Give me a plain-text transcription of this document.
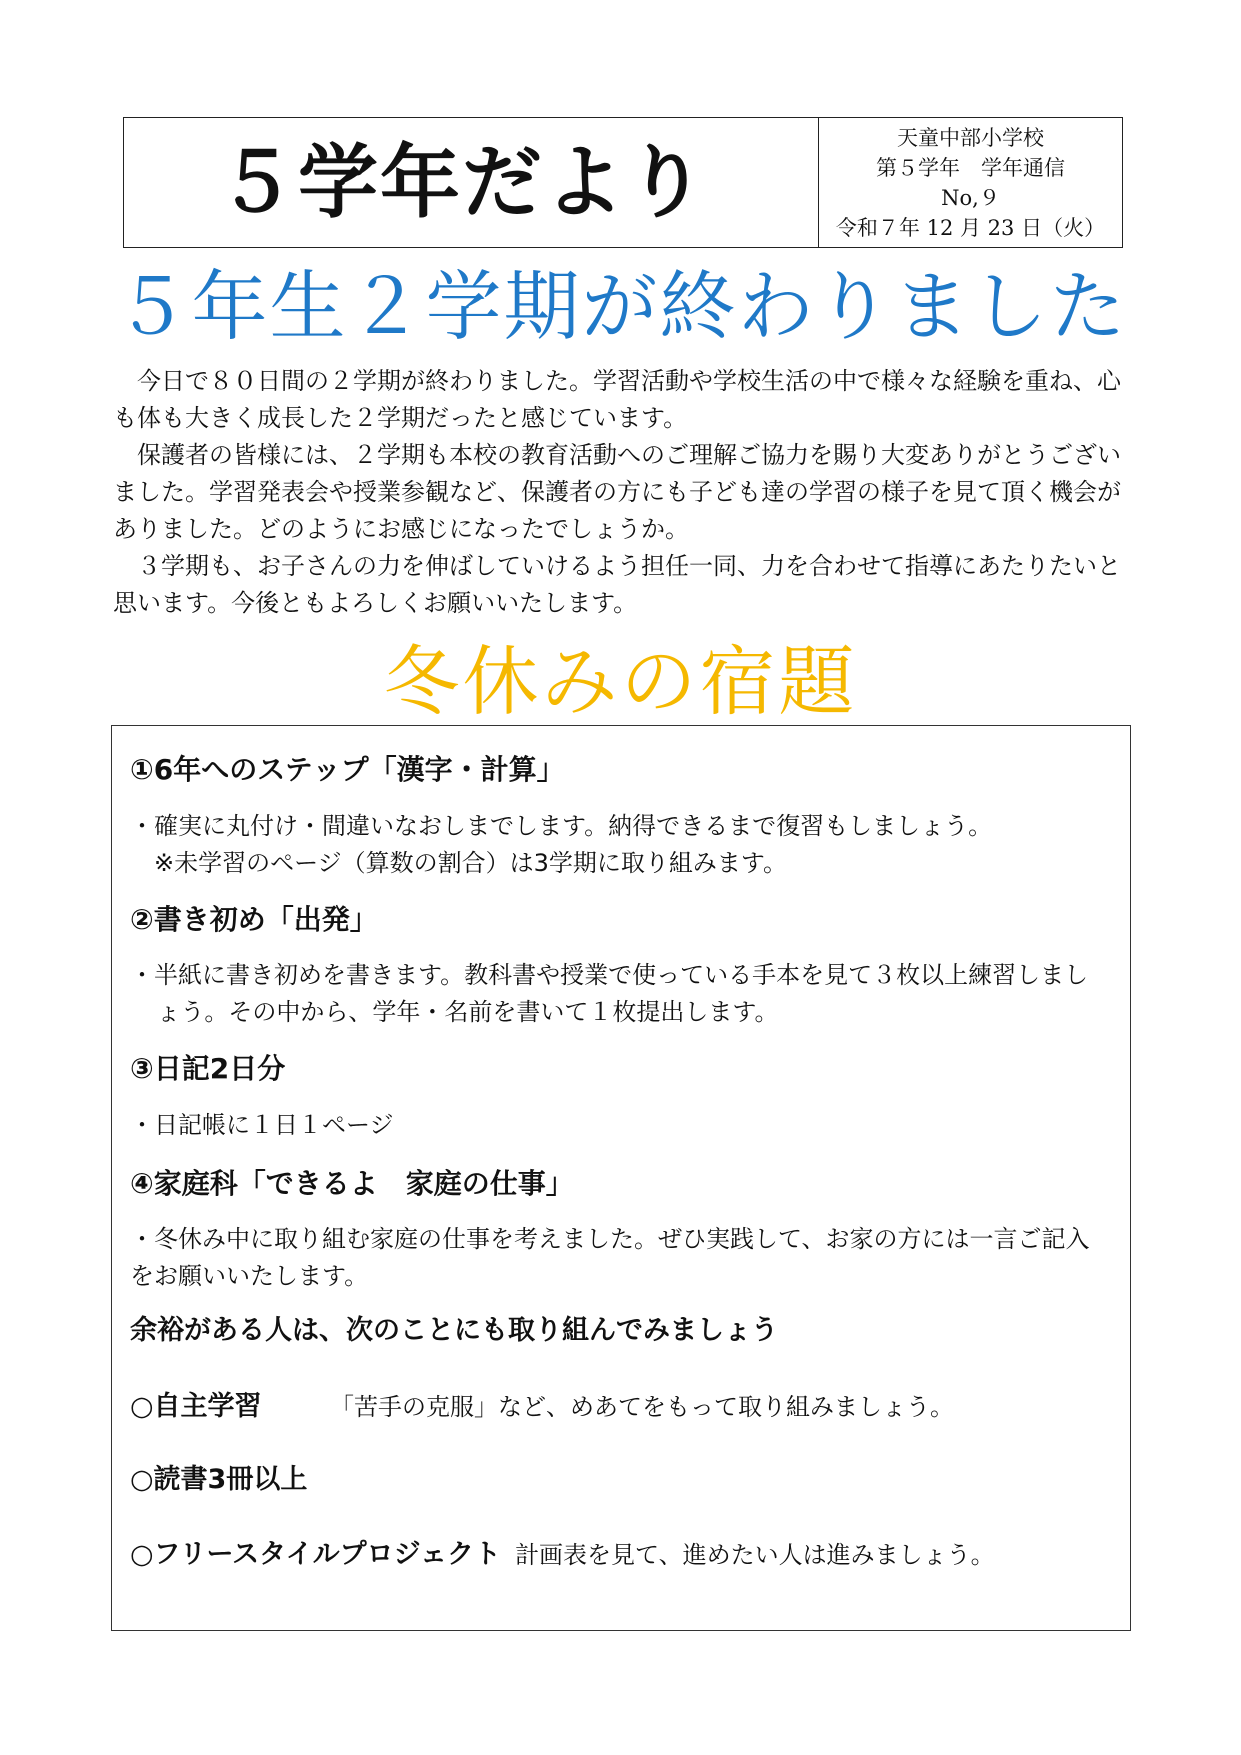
５学年だより	天童中部小学校
第５学年　学年通信
No,９
令和７年 12 月 23 日（火）
５年生２学期が終わりました

今日で８０日間の２学期が終わりました。学習活動や学校生活の中で様々な経験を重ね、心も体も大きく成長した２学期だったと感じています。

保護者の皆様には、２学期も本校の教育活動へのご理解ご協力を賜り大変ありがとうございました。学習発表会や授業参観など、保護者の方にも子ども達の学習の様子を見て頂く機会がありました。どのようにお感じになったでしょうか。

３学期も、お子さんの力を伸ばしていけるよう担任一同、力を合わせて指導にあたりたいと思います。今後ともよろしくお願いいたします。

冬休みの宿題
①6年へのステップ「漢字・計算」
・確実に丸付け・間違いなおしまでします。納得できるまで復習もしましょう。
※未学習のページ（算数の割合）は3学期に取り組みます。
②書き初め「出発」
・半紙に書き初めを書きます。教科書や授業で使っている手本を見て３枚以上練習しましょう。その中から、学年・名前を書いて１枚提出します。
③日記2日分
・日記帳に１日１ページ
④家庭科「できるよ　家庭の仕事」
・冬休み中に取り組む家庭の仕事を考えました。ぜひ実践して、お家の方には一言ご記入をお願いいたします。
余裕がある人は、次のことにも取り組んでみましょう
○自主学習	「苦手の克服」など、めあてをもって取り組みましょう。
○読書3冊以上
○フリースタイルプロジェクト 計画表を見て、進めたい人は進みましょう。
